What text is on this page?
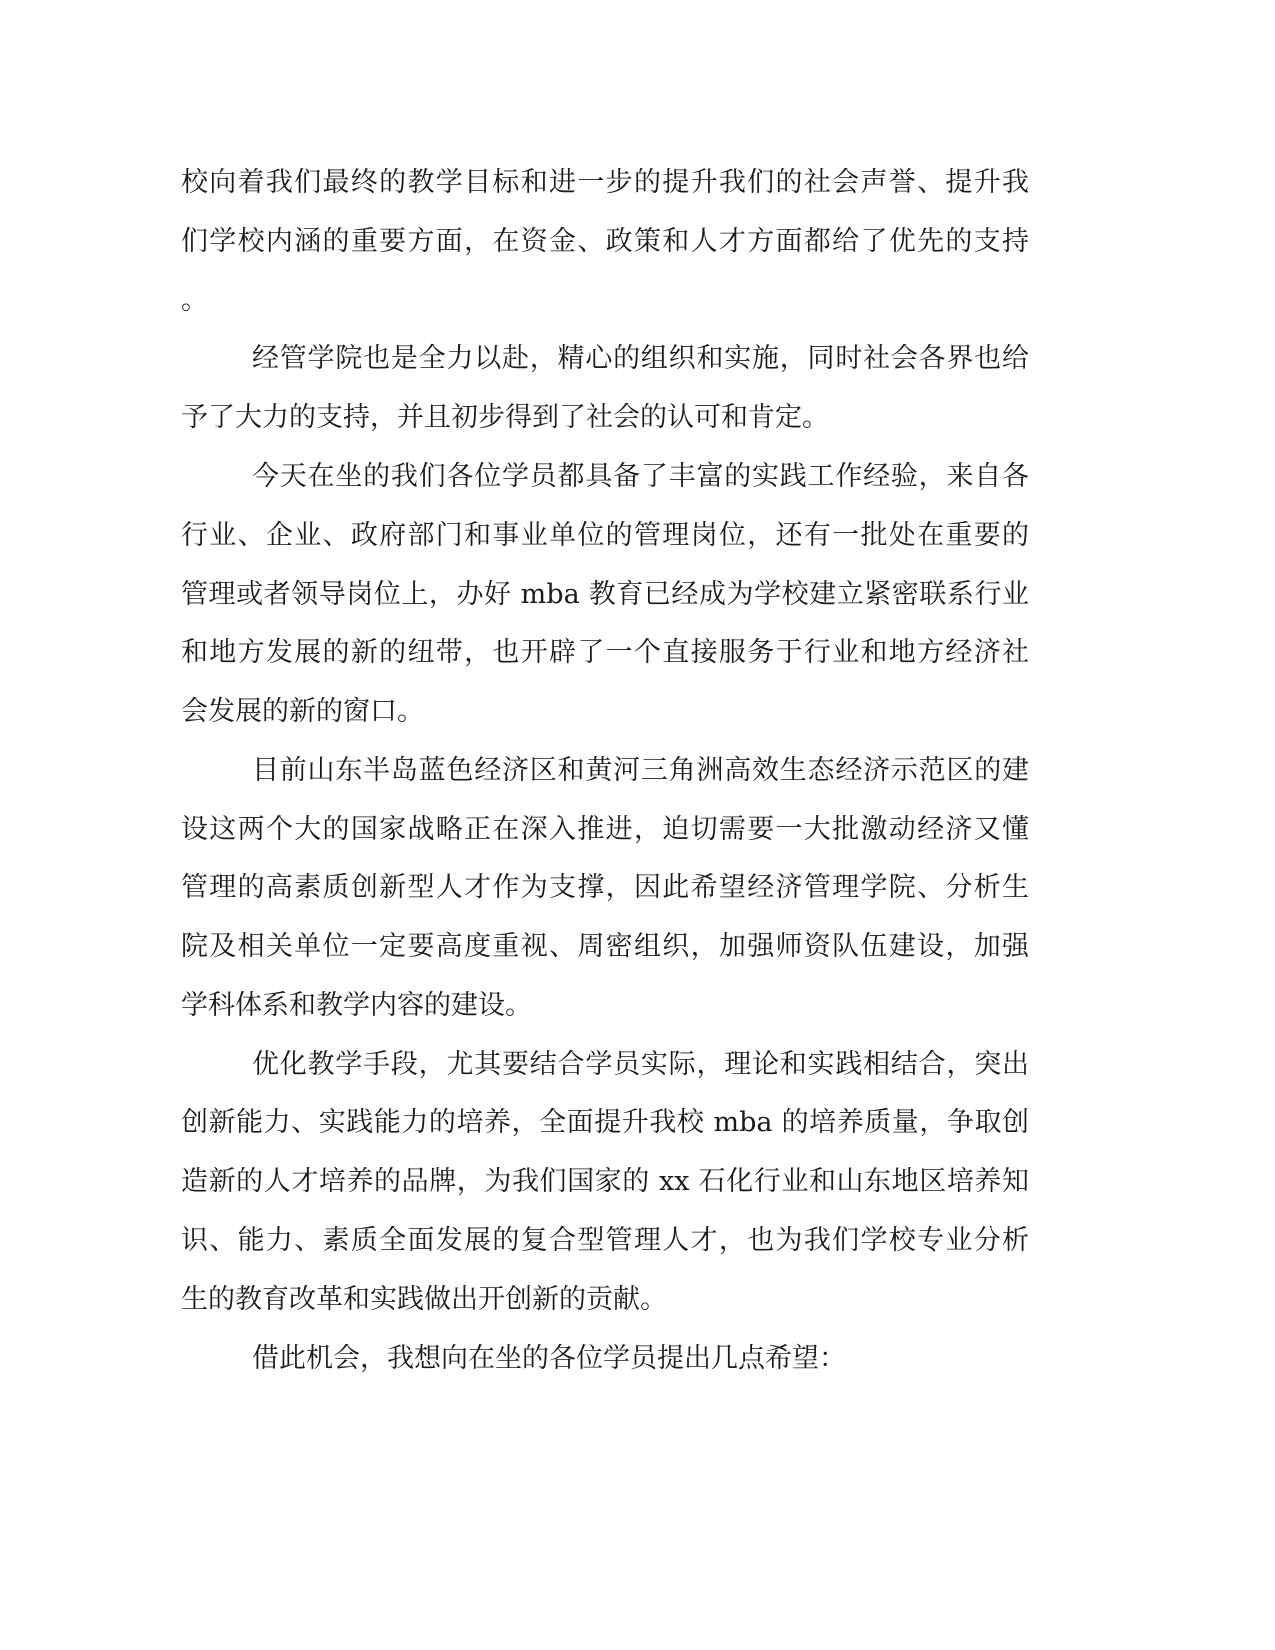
校向着我们最终的教学目标和进一步的提升我们的社会声誉、提升我
们学校内涵的重要方面，在资金、政策和人才方面都给了优先的支持
。
经管学院也是全力以赴，精心的组织和实施，同时社会各界也给
予了大力的支持，并且初步得到了社会的认可和肯定。
今天在坐的我们各位学员都具备了丰富的实践工作经验，来自各
行业、企业、政府部门和事业单位的管理岗位，还有一批处在重要的
管理或者领导岗位上，办好 mba 教育已经成为学校建立紧密联系行业
和地方发展的新的纽带，也开辟了一个直接服务于行业和地方经济社
会发展的新的窗口。
目前山东半岛蓝色经济区和黄河三角洲高效生态经济示范区的建
设这两个大的国家战略正在深入推进，迫切需要一大批激动经济又懂
管理的高素质创新型人才作为支撑，因此希望经济管理学院、分析生
院及相关单位一定要高度重视、周密组织，加强师资队伍建设，加强
学科体系和教学内容的建设。
优化教学手段，尤其要结合学员实际，理论和实践相结合，突出
创新能力、实践能力的培养，全面提升我校 mba 的培养质量，争取创
造新的人才培养的品牌，为我们国家的 xx 石化行业和山东地区培养知
识、能力、素质全面发展的复合型管理人才，也为我们学校专业分析
生的教育改革和实践做出开创新的贡献。
借此机会，我想向在坐的各位学员提出几点希望：
